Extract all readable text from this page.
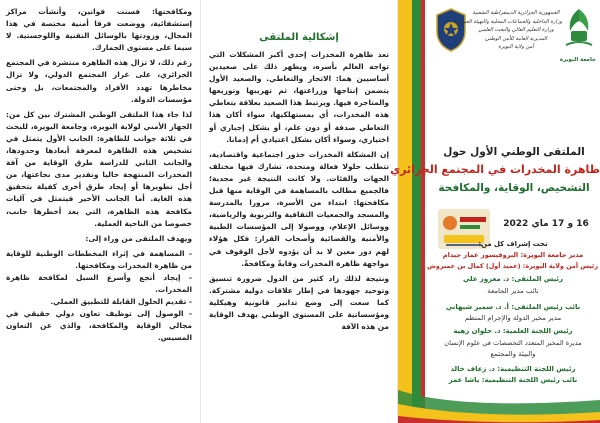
ومكافحتها: فسنت قوانين، وأنشأت مراكز إستشفائية، ووضعت فرقا أمنية مختصة في هذا المجال، وزودتها بالوسائل التقنية واللوجستية. لا سيما على مستوى الجمارك.

رغم ذلك، لا تزال هذه الظاهرة منتشرة في المجتمع الجزائري، على غرار المجتمع الدولي، ولا تزال مخاطرها تهدد الأفراد والمجتمعات، بل وحتى مؤسسات الدولة.

لذا جاء هذا الملتقى الوطني المشترك بين كل من: الجهاز الأمني لولاية البويرة، وجامعة البويرة، للبحث في ثلاثة جوانب للظاهرة: الجانب الأول يتمثل في تشخيص هذه الظاهرة لمعرفة أبعادها وحدودها، والجانب الثاني للدراسة طرق الوقاية من آفة المخدرات المنتهجة حاليا وتقدير مدى نجاعتها، من أجل تطويرها أو إيجاد طرق أخرى كفيلة بتحقيق هذه الغاية. أما الجانب الأخير فيتمثل في آليات مكافحة هذه الظاهرة، التي يعد أخطرها جانب، خصوصا من الناحية العملية.

ويهدف الملتقى من وراء إلى:

- المساهمة في إثراء المخططات الوطنية للوقاية من ظاهرة المخدرات ومكافحتها.
- إيجاد أنجع وأسرع السبل لمكافحة ظاهرة المخدرات.
- تقديم الحلول القابلة للتطبيق العملي.
- الوصول إلى توظيف تعاون دولي حقيقي في مجالي الوقاية والمكافحة، والذي عن التعاون المسيس.
إشكالية الملتقى

تعد ظاهرة المخدرات إحدى أكبر المشكلات التي تواجه العالم بأسره، ويظهر ذلك على صعيدين أساسيين هما: الاتجار والتعاطي. والصعيد الأول يتضمن إنتاجها وزراعتها، ثم تهريبها وتوزيعها والمتاجرة فيها. ويرتبط هذا الصعيد بعلاقة بتعاطي هذه المخدرات، أي بمستهلكيها، سواء أكان هذا التعاطي صدفة أو دون علم، أو بشكل إجباري أو اختياري، وسواء أكان بشكل اعتيادي أم إدمانا.

إن المشكلة المخدرات جذور اجتماعية واقتصادية، تتطلب حلولا فعالة ومتحدة، تشارك فيها مختلف الجهات والفئات. ولا كانت النتيجة غير مجدية؛ فالجميع مطالب بالمساهمة في الوقاية منها قبل مكافحتها: ابتداء من الأسرة، مرورا بالمدرسة والمسجد والجمعيات الثقافية والتربوية والرياضية، ووسائل الإعلام، ووصولا إلى المؤسسات الطبية والأمنية والقضائية وأصحاب القرار: فكل هؤلاء لهم دور معين لا بد أن يؤدوه لأجل الوقوف في مواجهة ظاهرة المخدرات وقايةً ومكافحةً.

ونتيجة لذلك زاد كثير من الدول ضرورة تنسيق وتوحيد جهودها في إطار علاقات دولية مشتركة. كما سعت إلى وضع تدابير قانونية وهيكلية ومؤسساتية على المستوى الوطني يهدف الوقاية من هذه الآفة

الجمهورية الجزائرية الديمقراطية الشعبية
وزارة الداخلية والجماعات المحلية والتهيئة العمرانية
وزارة التعليم العالي والبحث العلمي
المديرية العامة للأمن الوطني
أمن ولاية البويرة
جامعة البويرة
الملتقى الوطني الأول حول
ظاهرة المخدرات في المجتمع الجزائري
التشخيص، الوقاية، والمكافحة
16 و 17 ماي 2022
تحت إشراف كل من:
مدير جامعة البويرة: البروفيسور عمار جيدام
رئيس أمن ولاية البويرة: (عميد أول) كمال بن عميروش
رئيس الملتقى: د. معروز علي
نائب مدير الجامعة
نائب رئيس الملتقى: أ. د. سمير شيهاني
مدير مخبر الدولة والإجرام المنظم
رئيس اللجنة العلمية: د. حلوان زهية
مديرة المخبر المتعدد التخصصات في علوم الإنسان
والبيئة والمجتمع
رئيس اللجنة التنظيمية: د. زعاف خالد
نائب رئيس اللجنة التنظيمية: ياشا عمر
